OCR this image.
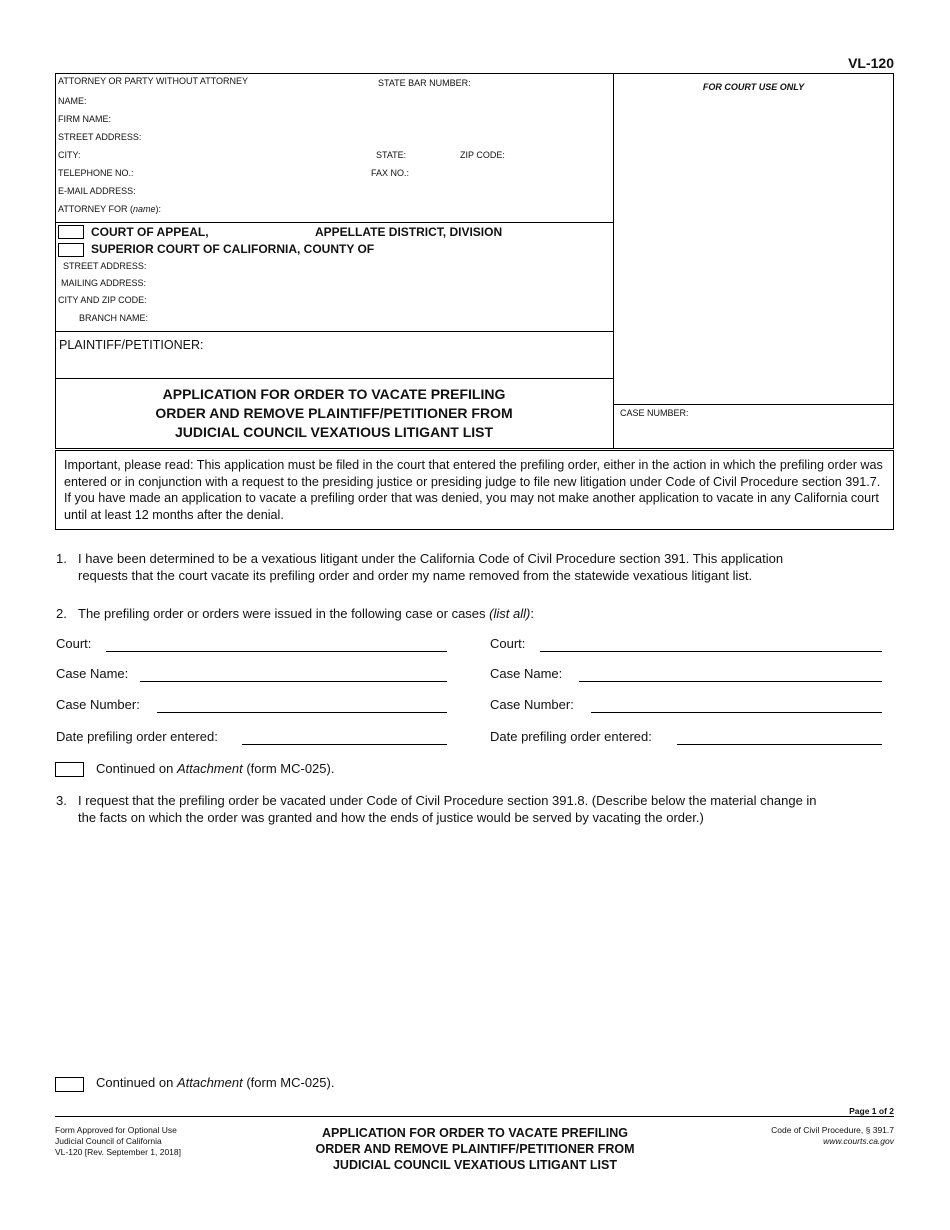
VL-120
ATTORNEY OR PARTY WITHOUT ATTORNEY	STATE BAR NUMBER:	FOR COURT USE ONLY
NAME:
FIRM NAME:
STREET ADDRESS:
CITY:	STATE:	ZIP CODE:
TELEPHONE NO.:	FAX NO.:
E-MAIL ADDRESS:
ATTORNEY FOR (name):
COURT OF APPEAL,	APPELLATE DISTRICT, DIVISION
SUPERIOR COURT OF CALIFORNIA, COUNTY OF
STREET ADDRESS:
MAILING ADDRESS:
CITY AND ZIP CODE:
BRANCH NAME:
PLAINTIFF/PETITIONER:
CASE NUMBER:
APPLICATION FOR ORDER TO VACATE PREFILING
ORDER AND REMOVE PLAINTIFF/PETITIONER FROM
JUDICIAL COUNCIL VEXATIOUS LITIGANT LIST
Important, please read: This application must be filed in the court that entered the prefiling order, either in the action in which the prefiling order was entered or in conjunction with a request to the presiding justice or presiding judge to file new litigation under Code of Civil Procedure section 391.7. If you have made an application to vacate a prefiling order that was denied, you may not make another application to vacate in any California court until at least 12 months after the denial.
1. I have been determined to be a vexatious litigant under the California Code of Civil Procedure section 391. This application
requests that the court vacate its prefiling order and order my name removed from the statewide vexatious litigant list.
2. The prefiling order or orders were issued in the following case or cases (list all):
Court:
Case Name:
Case Number:
Date prefiling order entered:
Court:
Case Name:
Case Number:
Date prefiling order entered:
Continued on Attachment (form MC-025).
3. I request that the prefiling order be vacated under Code of Civil Procedure section 391.8. (Describe below the material change in
the facts on which the order was granted and how the ends of justice would be served by vacating the order.)
Continued on Attachment (form MC-025).
Page 1 of 2
Form Approved for Optional Use
Judicial Council of California
VL-120 [Rev. September 1, 2018]
APPLICATION FOR ORDER TO VACATE PREFILING
ORDER AND REMOVE PLAINTIFF/PETITIONER FROM
JUDICIAL COUNCIL VEXATIOUS LITIGANT LIST
Code of Civil Procedure, § 391.7
www.courts.ca.gov
